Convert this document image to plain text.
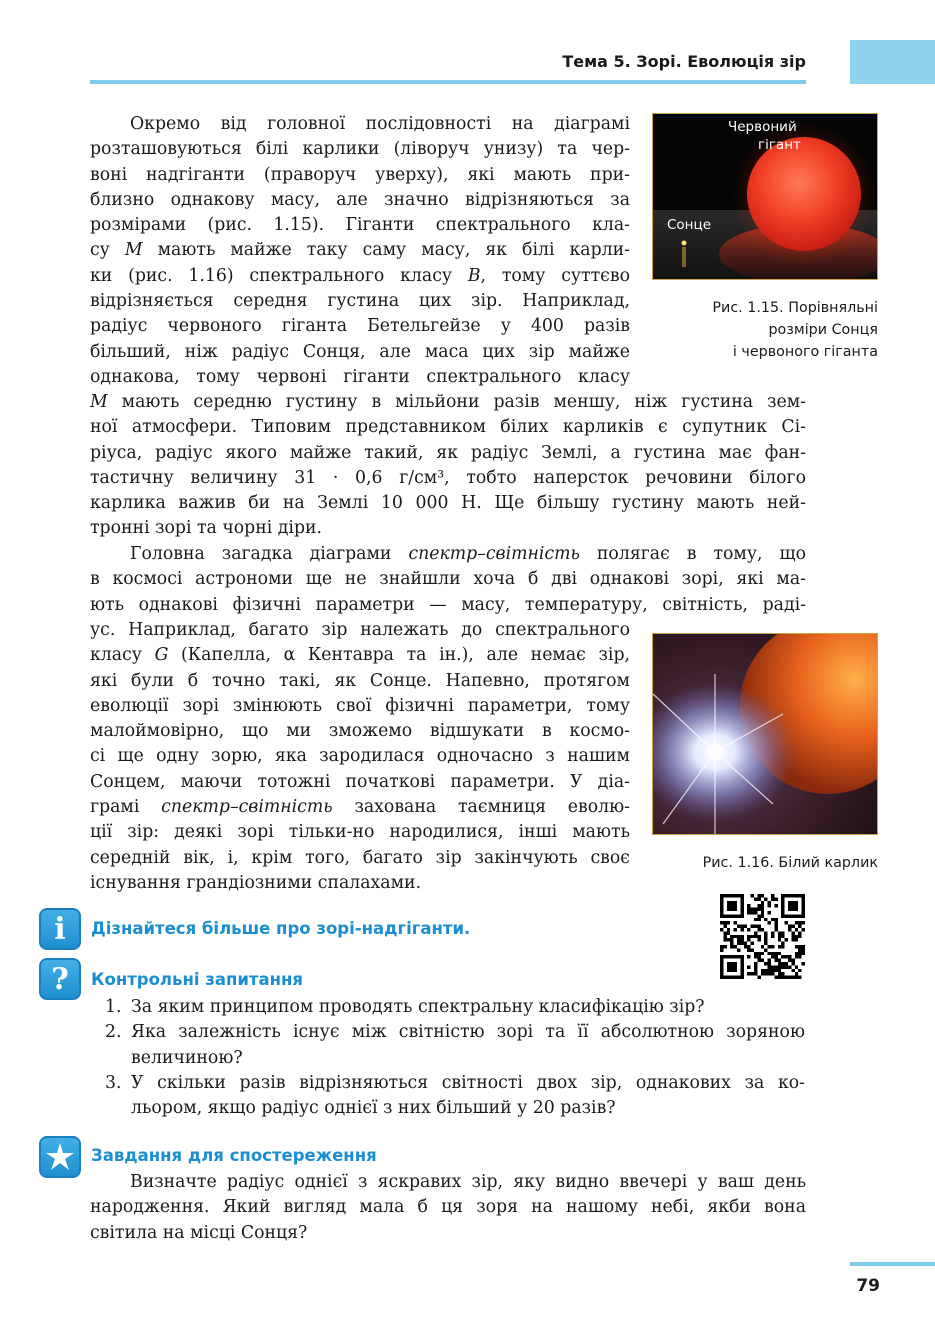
Тема 5. Зорі. Еволюція зір
Окремо від головної послідовності на діаграмі
розташовуються білі карлики (ліворуч унизу) та чер-
воні надгіганти (праворуч уверху), які мають при-
близно однакову масу, але значно відрізняються за
розмірами (рис. 1.15). Гіганти спектрального кла-
су M мають майже таку саму масу, як білі карли-
ки (рис. 1.16) спектрального класу B, тому суттєво
відрізняється середня густина цих зір. Наприклад,
радіус червоного гіганта Бетельгейзе у 400 разів
більший, ніж радіус Сонця, але маса цих зір майже
однакова, тому червоні гіганти спектрального класу
M мають середню густину в мільйони разів меншу, ніж густина зем-
ної атмосфери. Типовим представником білих карликів є супутник Сі-
ріуса, радіус якого майже такий, як радіус Землі, а густина має фан-
тастичну величину 31 · 0,6 г/см³, тобто наперсток речовини білого
карлика важив би на Землі 10 000 Н. Ще більшу густину мають ней-
тронні зорі та чорні діри.
Головна загадка діаграми спектр–світність полягає в тому, що
в космосі астрономи ще не знайшли хоча б дві однакові зорі, які ма-
ють однакові фізичні параметри — масу, температуру, світність, раді-
ус. Наприклад, багато зір належать до спектрального
класу G (Капелла, α Кентавра та ін.), але немає зір,
які були б точно такі, як Сонце. Напевно, протягом
еволюції зорі змінюють свої фізичні параметри, тому
малоймовірно, що ми зможемо відшукати в космо-
сі ще одну зорю, яка зародилася одночасно з нашим
Сонцем, маючи тотожні початкові параметри. У діа-
грамі спектр–світність захована таємниця еволю-
ції зір: деякі зорі тільки-но народилися, інші мають
середній вік, і, крім того, багато зір закінчують своє
існування грандіозними спалахами.
Червоний
гігант
Сонце
Рис. 1.15. Порівняльні
розміри Сонця
і червоного гіганта
Рис. 1.16. Білий карлик
i	Дізнайтеся більше про зорі-надгіганти.
?	Контрольні запитання
1. За яким принципом проводять спектральну класифікацію зір?
2. Яка залежність існує між світністю зорі та її абсолютною зоряною
величиною?
3. У скільки разів відрізняються світності двох зір, однакових за ко-
льором, якщо радіус однієї з них більший у 20 разів?
Завдання для спостереження
Визначте радіус однієї з яскравих зір, яку видно ввечері у ваш день
народження. Який вигляд мала б ця зоря на нашому небі, якби вона
світила на місці Сонця?
79
